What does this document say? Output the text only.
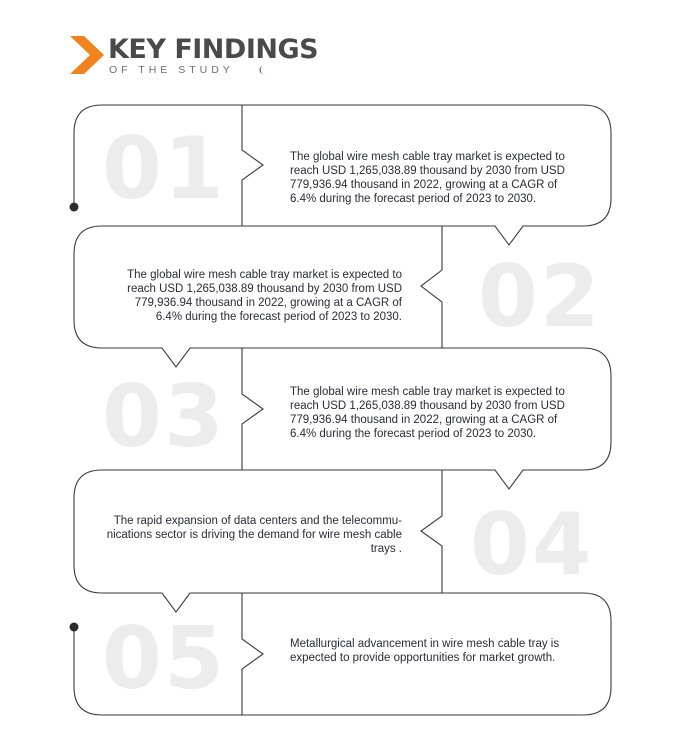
KEY FINDINGS
OF THE STUDY
01
02
03
04
05
The global wire mesh cable tray market is expected to reach USD 1,265,038.89 thousand by 2030 from USD 779,936.94 thousand in 2022, growing at a CAGR of 6.4% during the forecast period of 2023 to 2030.
The global wire mesh cable tray market is expected to reach USD 1,265,038.89 thousand by 2030 from USD 779,936.94 thousand in 2022, growing at a CAGR of 6.4% during the forecast period of 2023 to 2030.
The global wire mesh cable tray market is expected to reach USD 1,265,038.89 thousand by 2030 from USD 779,936.94 thousand in 2022, growing at a CAGR of 6.4% during the forecast period of 2023 to 2030.
The rapid expansion of data centers and the telecommu-nications sector is driving the demand for wire mesh cable trays .
Metallurgical advancement in wire mesh cable tray is expected to provide opportunities for market growth.
